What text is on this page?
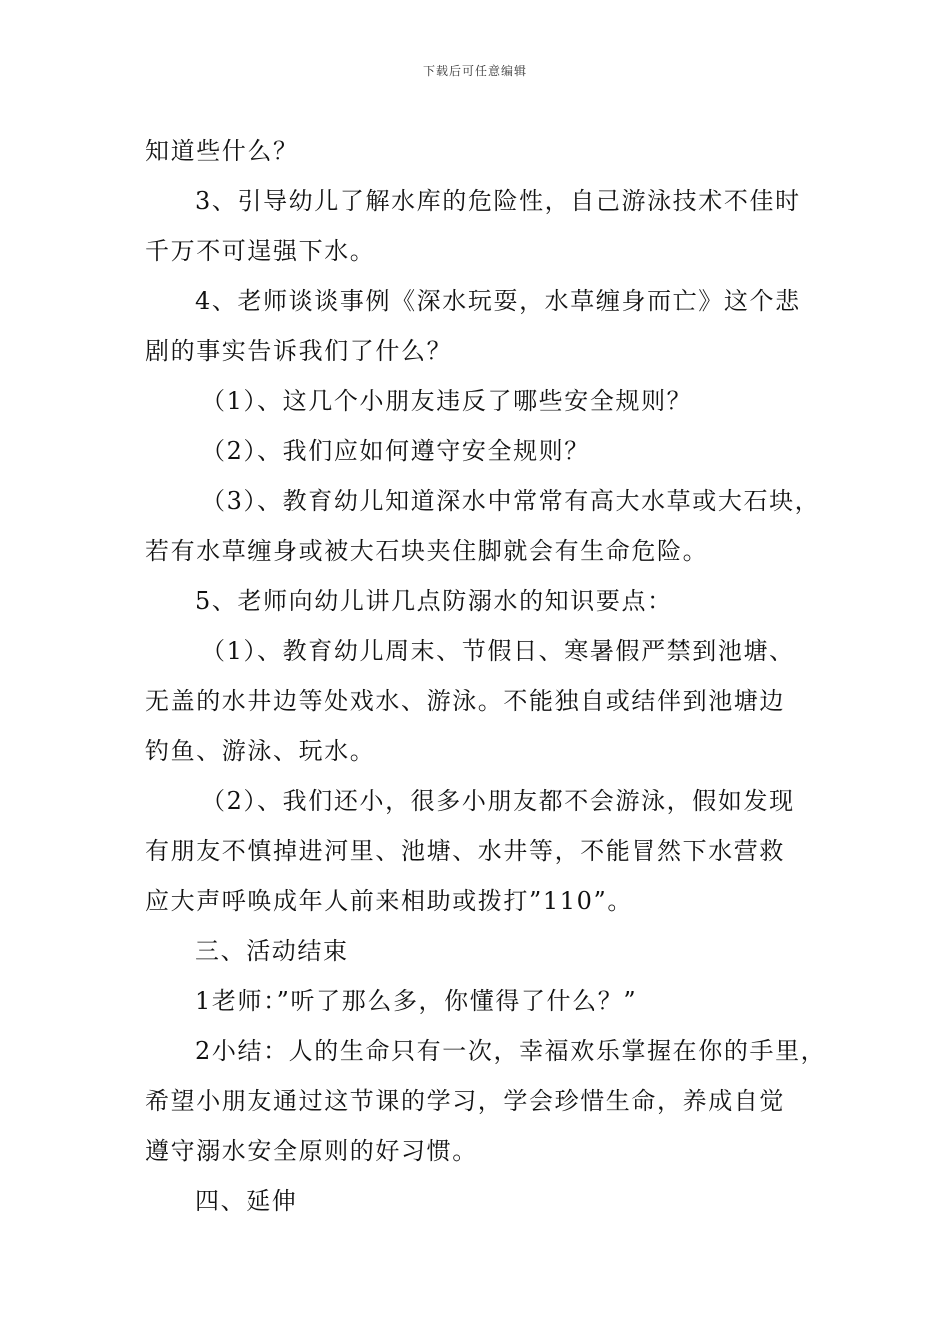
下载后可任意编辑
知道些什么？
3、引导幼儿了解水库的危险性，自己游泳技术不佳时
千万不可逞强下水。
4、老师谈谈事例《深水玩耍，水草缠身而亡》这个悲
剧的事实告诉我们了什么？
（1）、这几个小朋友违反了哪些安全规则？
（2）、我们应如何遵守安全规则？
（3）、教育幼儿知道深水中常常有高大水草或大石块，
若有水草缠身或被大石块夹住脚就会有生命危险。
5、老师向幼儿讲几点防溺水的知识要点：
（1）、教育幼儿周末、节假日、寒暑假严禁到池塘、
无盖的水井边等处戏水、游泳。不能独自或结伴到池塘边
钓鱼、游泳、玩水。
（2）、我们还小，很多小朋友都不会游泳，假如发现
有朋友不慎掉进河里、池塘、水井等，不能冒然下水营救
应大声呼唤成年人前来相助或拨打”110”。
三、活动结束
1老师：”听了那么多，你懂得了什么？”
2小结：人的生命只有一次，幸福欢乐掌握在你的手里，
希望小朋友通过这节课的学习，学会珍惜生命，养成自觉
遵守溺水安全原则的好习惯。
四、延伸
